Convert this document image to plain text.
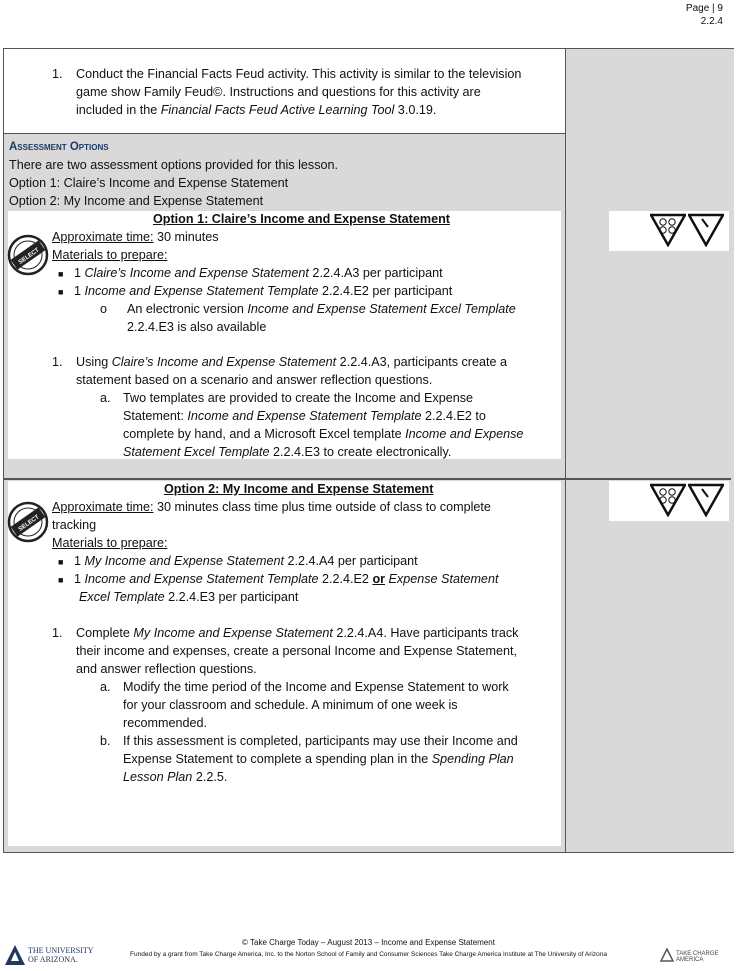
Page | 9
2.2.4
1. Conduct the Financial Facts Feud activity. This activity is similar to the television
game show Family Feud©. Instructions and questions for this activity are
included in the Financial Facts Feud Active Learning Tool 3.0.19.
Assessment Options
There are two assessment options provided for this lesson.
Option 1: Claire’s Income and Expense Statement
Option 2: My Income and Expense Statement
Option 1: Claire’s Income and Expense Statement
SELECT
Approximate time: 30 minutes
Materials to prepare:
■ 1 Claire’s Income and Expense Statement 2.2.4.A3 per participant
■ 1 Income and Expense Statement Template 2.2.4.E2 per participant
o An electronic version Income and Expense Statement Excel Template
2.2.4.E3 is also available
1. Using Claire’s Income and Expense Statement 2.2.4.A3, participants create a
statement based on a scenario and answer reflection questions.
a. Two templates are provided to create the Income and Expense
Statement: Income and Expense Statement Template 2.2.4.E2 to
complete by hand, and a Microsoft Excel template Income and Expense
Statement Excel Template 2.2.4.E3 to create electronically.
Option 2: My Income and Expense Statement
SELECT
Approximate time: 30 minutes class time plus time outside of class to complete
tracking
Materials to prepare:
■ 1 My Income and Expense Statement 2.2.4.A4 per participant
■ 1 Income and Expense Statement Template 2.2.4.E2 or Expense Statement
Excel Template 2.2.4.E3 per participant
1. Complete My Income and Expense Statement 2.2.4.A4. Have participants track
their income and expenses, create a personal Income and Expense Statement,
and answer reflection questions.
a. Modify the time period of the Income and Expense Statement to work
for your classroom and schedule. A minimum of one week is
recommended.
b. If this assessment is completed, participants may use their Income and
Expense Statement to complete a spending plan in the Spending Plan
Lesson Plan 2.2.5.
© Take Charge Today – August 2013 – Income and Expense Statement
Funded by a grant from Take Charge America, Inc. to the Norton School of Family and Consumer Sciences Take Charge America Institute at The University of Arizona
THE UNIVERSITY
OF ARIZONA.
TAKE CHARGE AMERICA
